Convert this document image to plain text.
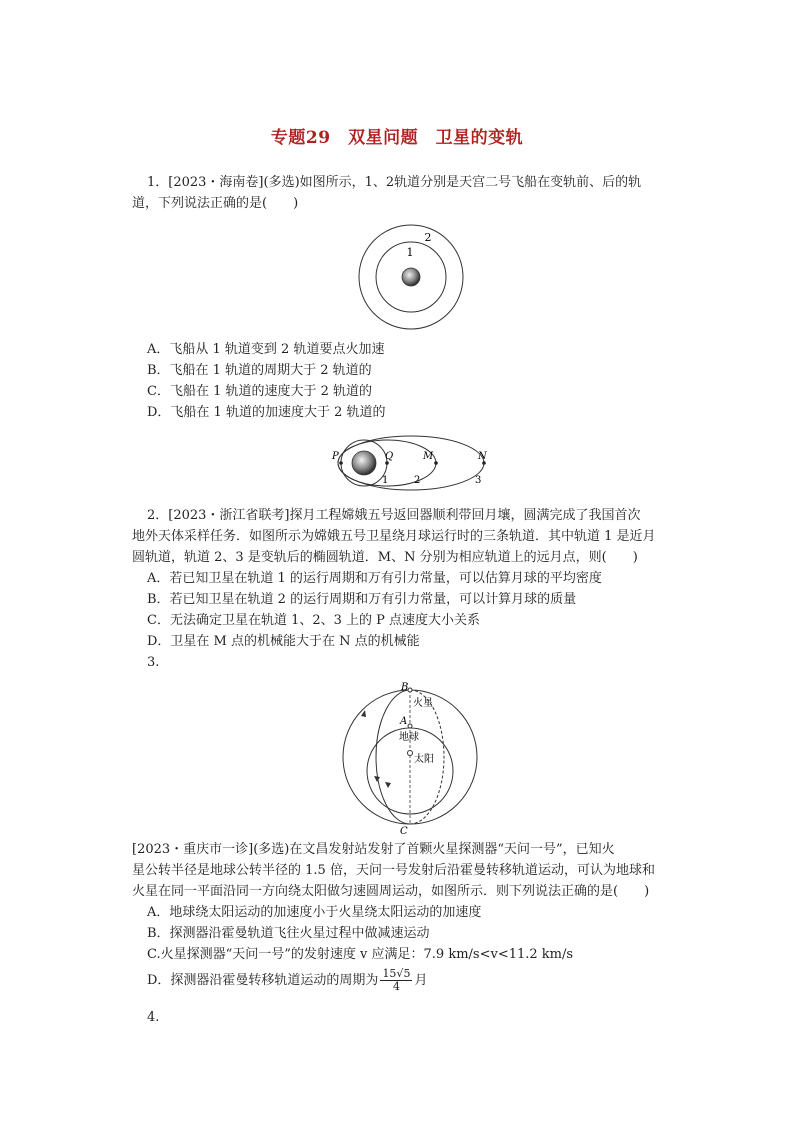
专题29　双星问题　卫星的变轨
1．[2023・海南卷](多选)如图所示，1、2轨道分别是天宫二号飞船在变轨前、后的轨
道，下列说法正确的是(　　)
1
2
A．飞船从 1 轨道变到 2 轨道要点火加速
B．飞船在 1 轨道的周期大于 2 轨道的
C．飞船在 1 轨道的速度大于 2 轨道的
D．飞船在 1 轨道的加速度大于 2 轨道的
P	Q	M	N
1	2	3
2．[2023・浙江省联考]探月工程嫦娥五号返回器顺利带回月壤，圆满完成了我国首次
地外天体采样任务．如图所示为嫦娥五号卫星绕月球运行时的三条轨道．其中轨道 1 是近月
圆轨道，轨道 2、3 是变轨后的椭圆轨道．M、N 分别为相应轨道上的远月点，则(　　)
A．若已知卫星在轨道 1 的运行周期和万有引力常量，可以估算月球的平均密度
B．若已知卫星在轨道 2 的运行周期和万有引力常量，可以计算月球的质量
C．无法确定卫星在轨道 1、2、3 上的 P 点速度大小关系
D．卫星在 M 点的机械能大于在 N 点的机械能
3.
B
火星
A
地球
太阳
C
[2023・重庆市一诊](多选)在文昌发射站发射了首颗火星探测器“天问一号”，已知火
星公转半径是地球公转半径的 1.5 倍，天问一号发射后沿霍曼转移轨道运动，可认为地球和
火星在同一平面沿同一方向绕太阳做匀速圆周运动，如图所示．则下列说法正确的是(　　)
A．地球绕太阳运动的加速度小于火星绕太阳运动的加速度
B．探测器沿霍曼轨道飞往火星过程中做减速运动
C.火星探测器“天问一号”的发射速度 v 应满足：7.9 km/s<v<11.2 km/s
D．探测器沿霍曼转移轨道运动的周期为 $\frac{15√5}{4}$ 月
4.
